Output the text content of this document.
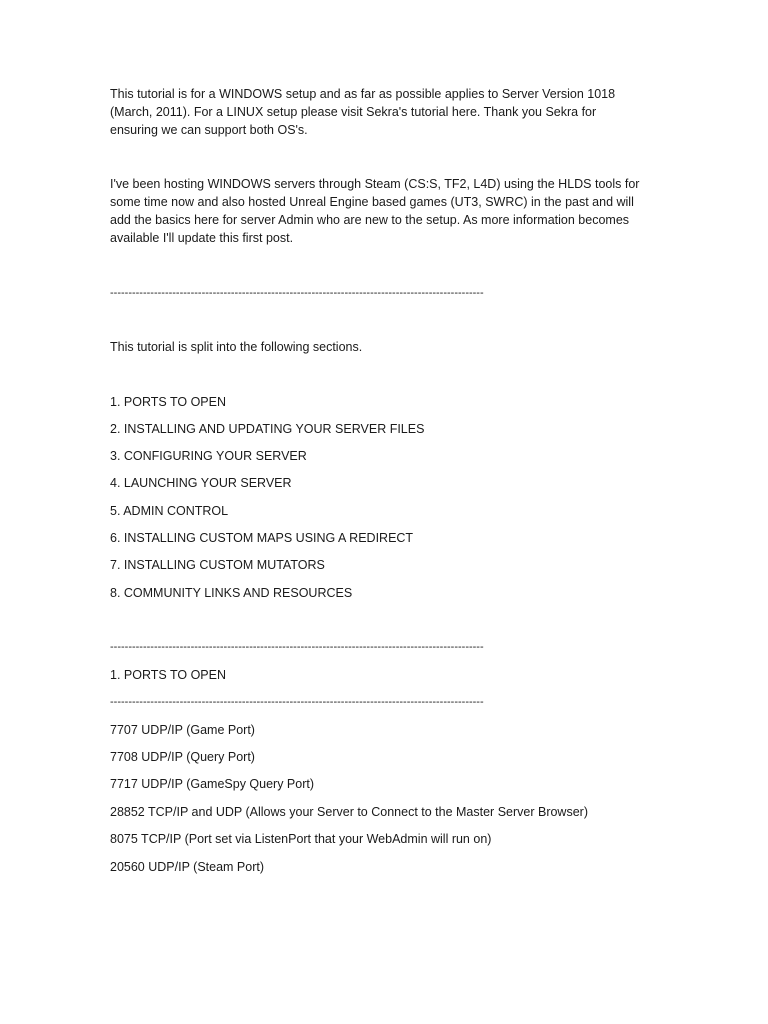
This tutorial is for a WINDOWS setup and as far as possible applies to Server Version 1018
(March, 2011). For a LINUX setup please visit Sekra's tutorial here. Thank you Sekra for
ensuring we can support both OS's.

I've been hosting WINDOWS servers through Steam (CS:S, TF2, L4D) using the HLDS tools for
some time now and also hosted Unreal Engine based games (UT3, SWRC) in the past and will
add the basics here for server Admin who are new to the setup. As more information becomes
available I'll update this first post.

------------------------------------------------------------------------------------------------------

This tutorial is split into the following sections.

1. PORTS TO OPEN

2. INSTALLING AND UPDATING YOUR SERVER FILES

3. CONFIGURING YOUR SERVER

4. LAUNCHING YOUR SERVER

5. ADMIN CONTROL

6. INSTALLING CUSTOM MAPS USING A REDIRECT

7. INSTALLING CUSTOM MUTATORS

8. COMMUNITY LINKS AND RESOURCES

------------------------------------------------------------------------------------------------------

1. PORTS TO OPEN

------------------------------------------------------------------------------------------------------

7707 UDP/IP (Game Port)

7708 UDP/IP (Query Port)

7717 UDP/IP (GameSpy Query Port)

28852 TCP/IP and UDP (Allows your Server to Connect to the Master Server Browser)

8075 TCP/IP (Port set via ListenPort that your WebAdmin will run on)

20560 UDP/IP (Steam Port)
